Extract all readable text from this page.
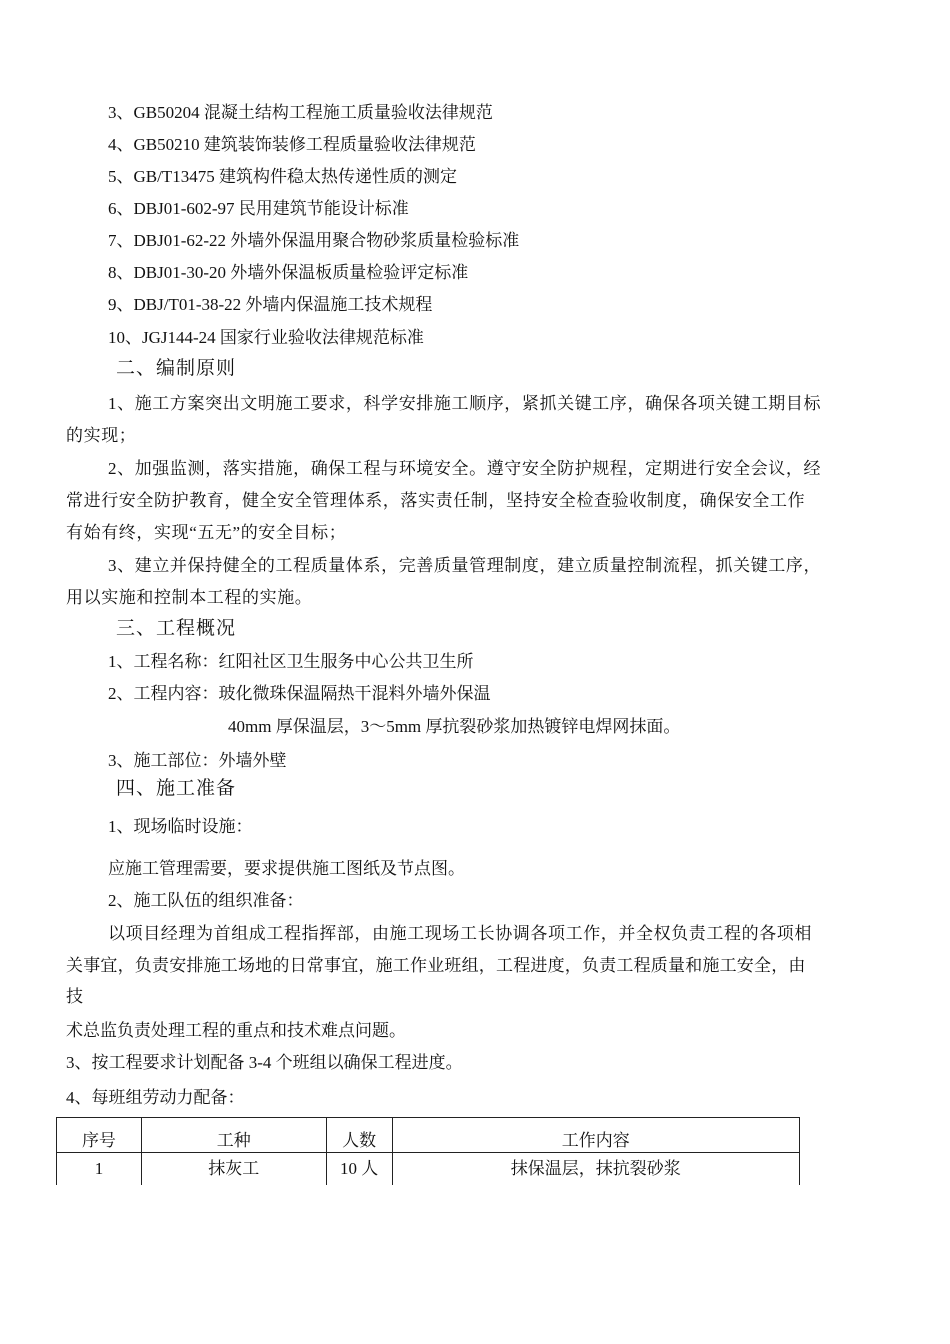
3、GB50204 混凝土结构工程施工质量验收法律规范
4、GB50210 建筑装饰装修工程质量验收法律规范
5、GB/T13475 建筑构件稳太热传递性质的测定
6、DBJ01-602-97 民用建筑节能设计标准
7、DBJ01-62-22 外墙外保温用聚合物砂浆质量检验标准
8、DBJ01-30-20 外墙外保温板质量检验评定标准
9、DBJ/T01-38-22 外墙内保温施工技术规程
10、JGJ144-24 国家行业验收法律规范标准
二、编制原则
1、施工方案突出文明施工要求，科学安排施工顺序，紧抓关键工序，确保各项关键工期目标
的实现；
2、加强监测，落实措施，确保工程与环境安全。遵守安全防护规程，定期进行安全会议，经
常进行安全防护教育，健全安全管理体系，落实责任制，坚持安全检查验收制度，确保安全工作
有始有终，实现“五无”的安全目标；
3、建立并保持健全的工程质量体系，完善质量管理制度，建立质量控制流程，抓关键工序，
用以实施和控制本工程的实施。
三、工程概况
1、工程名称：红阳社区卫生服务中心公共卫生所
2、工程内容：玻化微珠保温隔热干混料外墙外保温
40mm 厚保温层，3～5mm 厚抗裂砂浆加热镀锌电焊网抹面。
3、施工部位：外墙外壁
四、施工准备
1、现场临时设施：
应施工管理需要，要求提供施工图纸及节点图。
2、施工队伍的组织准备：
以项目经理为首组成工程指挥部，由施工现场工长协调各项工作，并全权负责工程的各项相
关事宜，负责安排施工场地的日常事宜，施工作业班组，工程进度，负责工程质量和施工安全，由
技
术总监负责处理工程的重点和技术难点问题。
3、按工程要求计划配备 3-4 个班组以确保工程进度。
4、每班组劳动力配备：
序号	工种	人数	工作内容
1	抹灰工	10 人	抹保温层，抹抗裂砂浆
